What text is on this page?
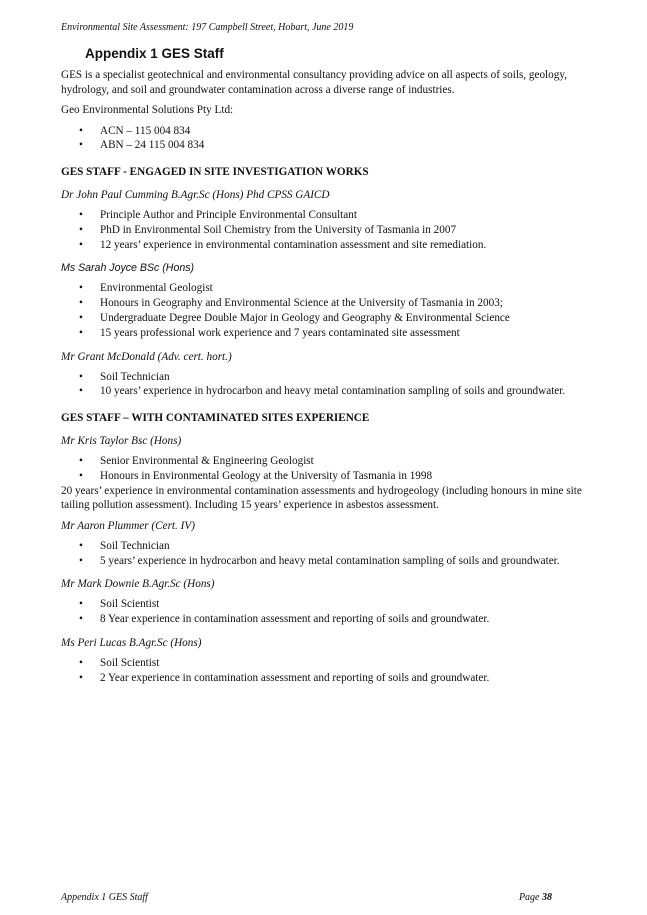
Environmental Site Assessment: 197 Campbell Street, Hobart, June 2019
Appendix 1 GES Staff

GES is a specialist geotechnical and environmental consultancy providing advice on all aspects of soils, geology, hydrology, and soil and groundwater contamination across a diverse range of industries.

Geo Environmental Solutions Pty Ltd:

• ACN – 115 004 834
• ABN – 24 115 004 834
GES STAFF - ENGAGED IN SITE INVESTIGATION WORKS
Dr John Paul Cumming B.Agr.Sc (Hons) Phd CPSS GAICD
• Principle Author and Principle Environmental Consultant
• PhD in Environmental Soil Chemistry from the University of Tasmania in 2007
• 12 years’ experience in environmental contamination assessment and site remediation.
Ms Sarah Joyce BSc (Hons)
• Environmental Geologist
• Honours in Geography and Environmental Science at the University of Tasmania in 2003;
• Undergraduate Degree Double Major in Geology and Geography & Environmental Science
• 15 years professional work experience and 7 years contaminated site assessment
Mr Grant McDonald (Adv. cert. hort.)
• Soil Technician
• 10 years’ experience in hydrocarbon and heavy metal contamination sampling of soils and groundwater.
GES STAFF – WITH CONTAMINATED SITES EXPERIENCE
Mr Kris Taylor Bsc (Hons)
• Senior Environmental & Engineering Geologist
• Honours in Environmental Geology at the University of Tasmania in 1998

20 years’ experience in environmental contamination assessments and hydrogeology (including honours in mine site tailing pollution assessment). Including 15 years’ experience in asbestos assessment.

Mr Aaron Plummer (Cert. IV)
• Soil Technician
• 5 years’ experience in hydrocarbon and heavy metal contamination sampling of soils and groundwater.
Mr Mark Downie B.Agr.Sc (Hons)
• Soil Scientist
• 8 Year experience in contamination assessment and reporting of soils and groundwater.
Ms Peri Lucas B.Agr.Sc (Hons)
• Soil Scientist
• 2 Year experience in contamination assessment and reporting of soils and groundwater.
Appendix 1 GES Staff	Page 38
